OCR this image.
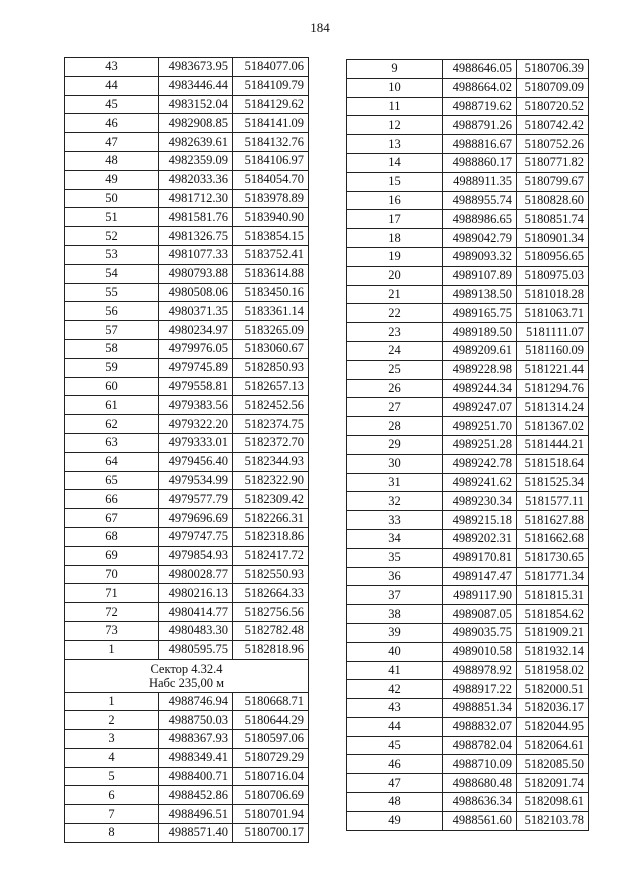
184
43	4983673.95	5184077.06
44	4983446.44	5184109.79
45	4983152.04	5184129.62
46	4982908.85	5184141.09
47	4982639.61	5184132.76
48	4982359.09	5184106.97
49	4982033.36	5184054.70
50	4981712.30	5183978.89
51	4981581.76	5183940.90
52	4981326.75	5183854.15
53	4981077.33	5183752.41
54	4980793.88	5183614.88
55	4980508.06	5183450.16
56	4980371.35	5183361.14
57	4980234.97	5183265.09
58	4979976.05	5183060.67
59	4979745.89	5182850.93
60	4979558.81	5182657.13
61	4979383.56	5182452.56
62	4979322.20	5182374.75
63	4979333.01	5182372.70
64	4979456.40	5182344.93
65	4979534.99	5182322.90
66	4979577.79	5182309.42
67	4979696.69	5182266.31
68	4979747.75	5182318.86
69	4979854.93	5182417.72
70	4980028.77	5182550.93
71	4980216.13	5182664.33
72	4980414.77	5182756.56
73	4980483.30	5182782.48
1	4980595.75	5182818.96

Сектор 4.32.4
Набс 235,00 м		

1	4988746.94	5180668.71
2	4988750.03	5180644.29
3	4988367.93	5180597.06
4	4988349.41	5180729.29
5	4988400.71	5180716.04
6	4988452.86	5180706.69
7	4988496.51	5180701.94
8	4988571.40	5180700.17
9	4988646.05	5180706.39
10	4988664.02	5180709.09
11	4988719.62	5180720.52
12	4988791.26	5180742.42
13	4988816.67	5180752.26
14	4988860.17	5180771.82
15	4988911.35	5180799.67
16	4988955.74	5180828.60
17	4988986.65	5180851.74
18	4989042.79	5180901.34
19	4989093.32	5180956.65
20	4989107.89	5180975.03
21	4989138.50	5181018.28
22	4989165.75	5181063.71
23	4989189.50	5181111.07
24	4989209.61	5181160.09
25	4989228.98	5181221.44
26	4989244.34	5181294.76
27	4989247.07	5181314.24
28	4989251.70	5181367.02
29	4989251.28	5181444.21
30	4989242.78	5181518.64
31	4989241.62	5181525.34
32	4989230.34	5181577.11
33	4989215.18	5181627.88
34	4989202.31	5181662.68
35	4989170.81	5181730.65
36	4989147.47	5181771.34
37	4989117.90	5181815.31
38	4989087.05	5181854.62
39	4989035.75	5181909.21
40	4989010.58	5181932.14
41	4988978.92	5181958.02
42	4988917.22	5182000.51
43	4988851.34	5182036.17
44	4988832.07	5182044.95
45	4988782.04	5182064.61
46	4988710.09	5182085.50
47	4988680.48	5182091.74
48	4988636.34	5182098.61
49	4988561.60	5182103.78
